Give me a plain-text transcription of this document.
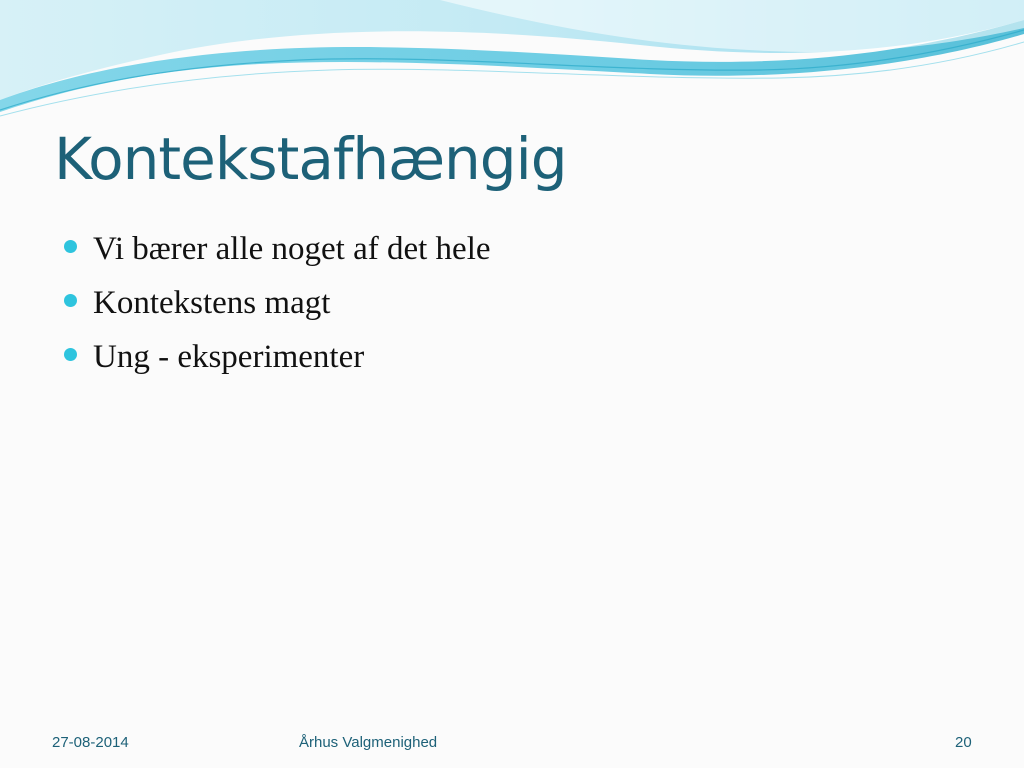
Kontekstafhængig
Vi bærer alle noget af det hele
Kontekstens magt
Ung - eksperimenter
27-08-2014	Århus Valgmenighed	20
